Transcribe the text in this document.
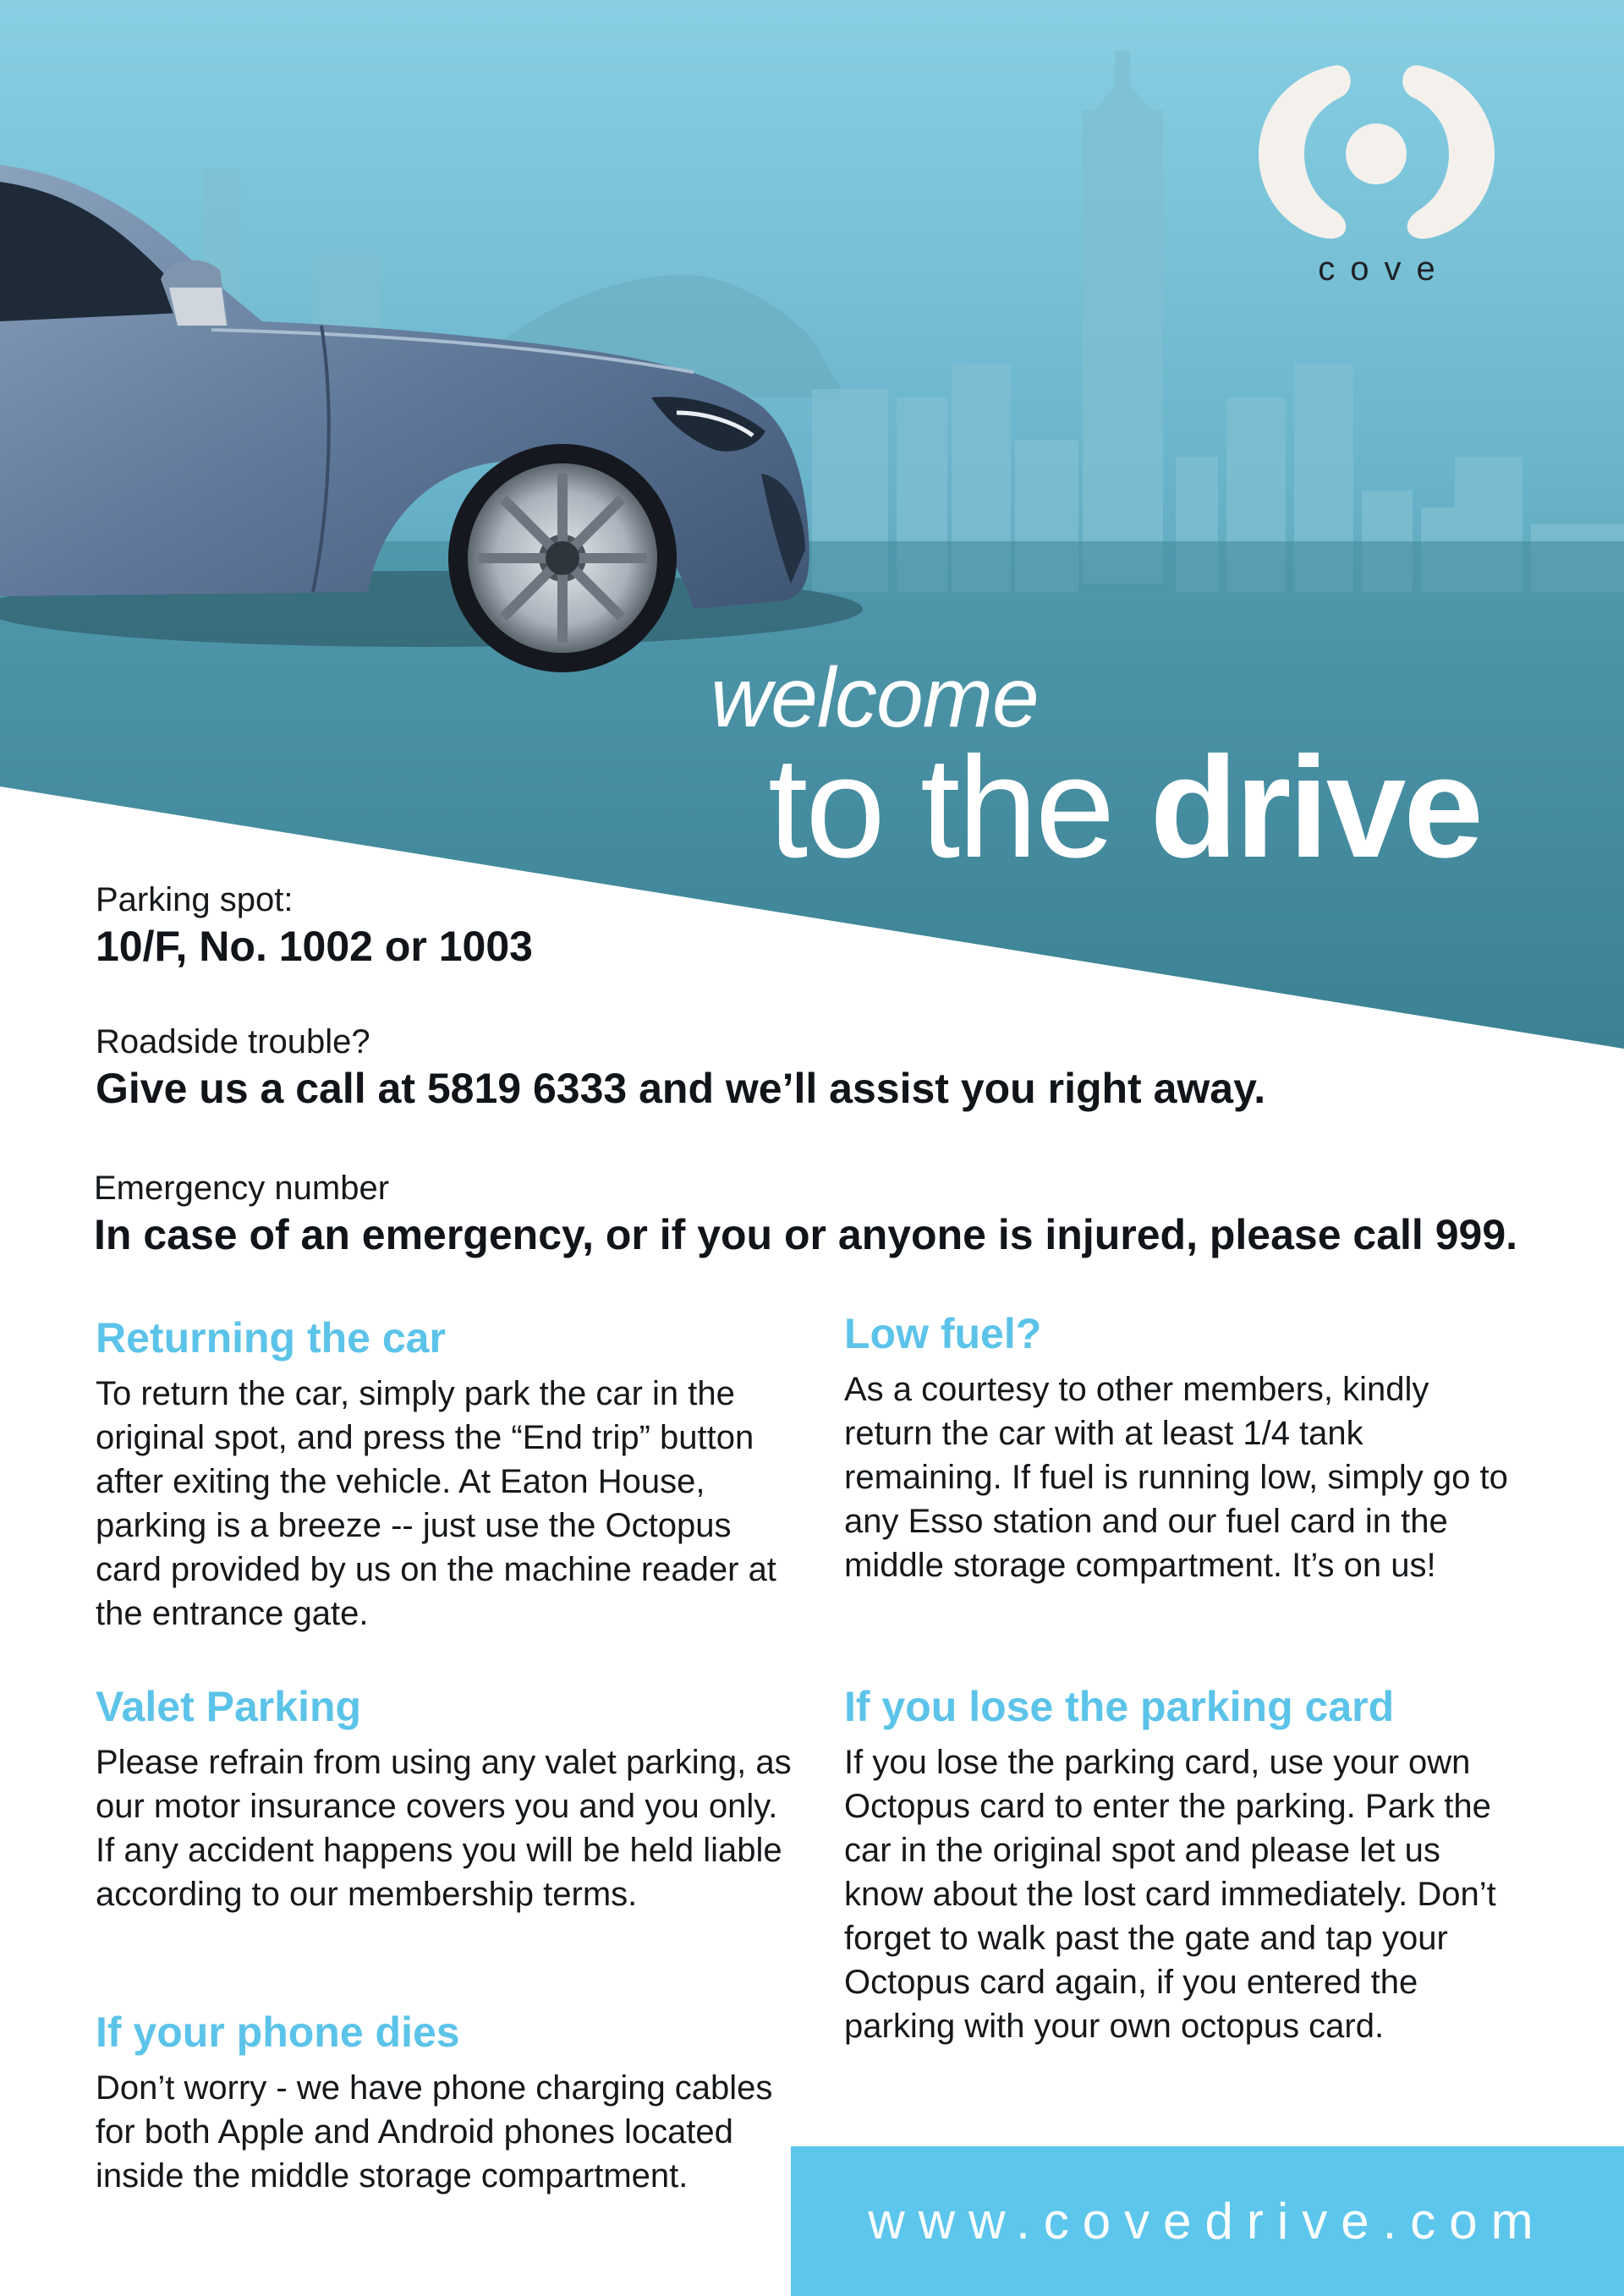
cove
welcome
to the drive
Parking spot:
10/F, No. 1002 or 1003
Roadside trouble?
Give us a call at 5819 6333 and we’ll assist you right away.
Emergency number
In case of an emergency, or if you or anyone is injured, please call 999.
Returning the car

To return the car, simply park the car in the original spot, and press the “End trip” button after exiting the vehicle. At Eaton House, parking is a breeze -- just use the Octopus card provided by us on the machine reader at the entrance gate.

Valet Parking

Please refrain from using any valet parking, as our motor insurance covers you and you only. If any accident happens you will be held liable according to our membership terms.

If your phone dies

Don’t worry - we have phone charging cables for both Apple and Android phones located inside the middle storage compartment.

Low fuel?

As a courtesy to other members, kindly return the car with at least 1/4 tank remaining. If fuel is running low, simply go to any Esso station and our fuel card in the middle storage compartment. It’s on us!

If you lose the parking card

If you lose the parking card, use your own Octopus card to enter the parking. Park the car in the original spot and please let us know about the lost card immediately. Don’t forget to walk past the gate and tap your Octopus card again, if you entered the parking with your own octopus card.

www.covedrive.com
